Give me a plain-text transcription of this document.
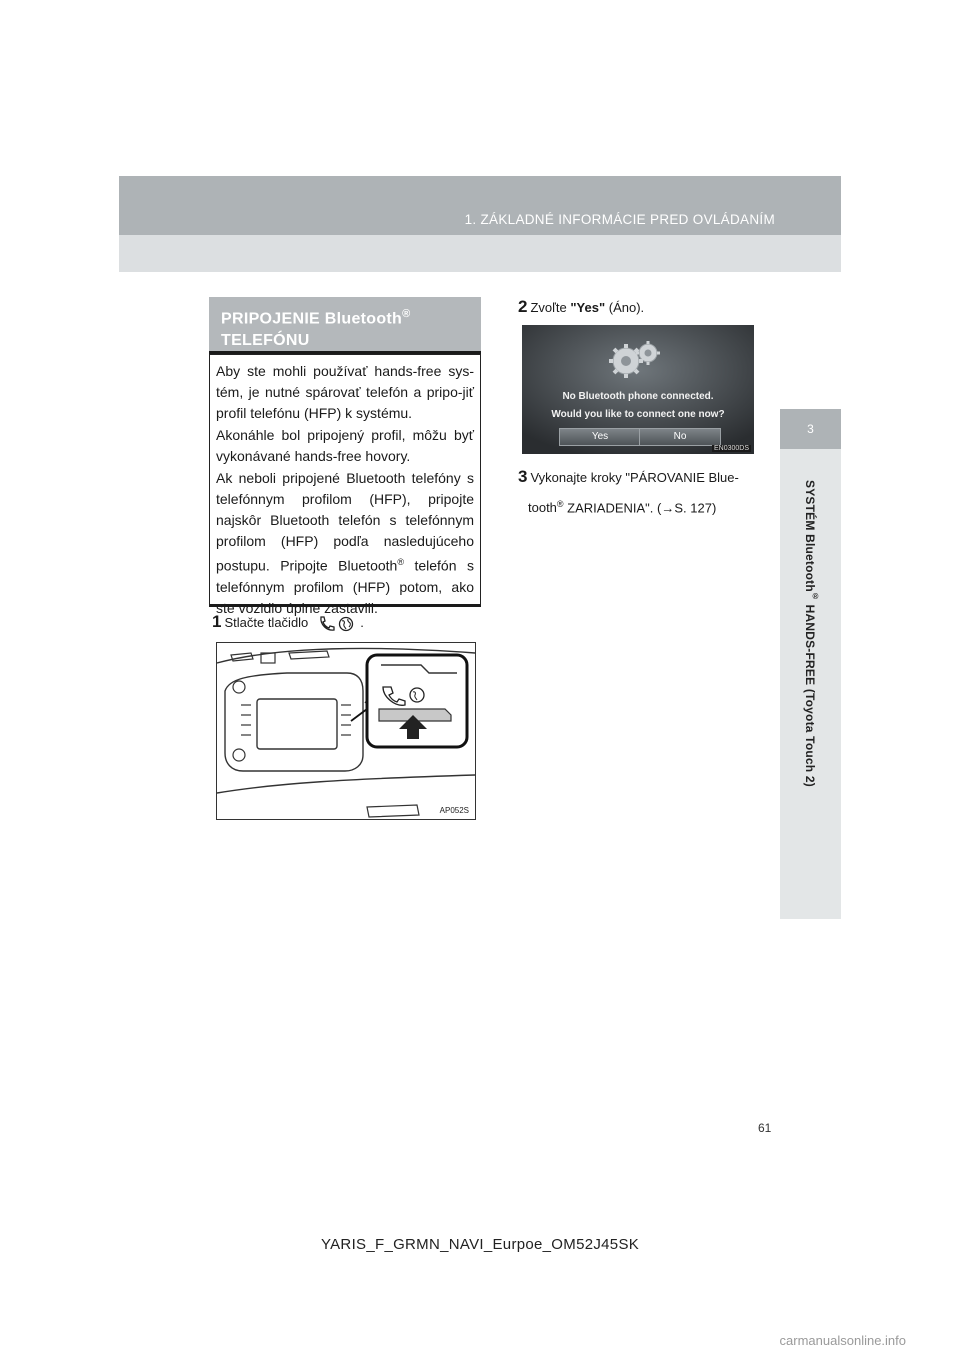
1. ZÁKLADNÉ INFORMÁCIE PRED OVLÁDANÍM
3
SYSTÉM Bluetooth® HANDS-FREE (Toyota Touch 2)
PRIPOJENIE Bluetooth®
TELEFÓNU

Aby ste mohli používať hands-free sys-tém, je nutné spárovať telefón a pripo-jiť profil telefónu (HFP) k systému.

Akonáhle bol pripojený profil, môžu byť vykonávané hands-free hovory.

Ak neboli pripojené Bluetooth telefóny s telefónnym profilom (HFP), pripojte najskôr Bluetooth telefón s telefónnym profilom (HFP) podľa nasledujúceho postupu. Pripojte Bluetooth® telefón s telefónnym profilom (HFP) potom, ako ste vozidlo úplne zastavili.

1 Stlačte tlačidlo	.
AP052S
2 Zvoľte "Yes" (Áno).
No Bluetooth phone connected.
Would you like to connect one now?
Yes	No
EN0300DS
3 Vykonajte kroky "PÁROVANIE Blue-
tooth® ZARIADENIA". (→S. 127)
61
YARIS_F_GRMN_NAVI_Eurpoe_OM52J45SK
carmanualsonline.info
